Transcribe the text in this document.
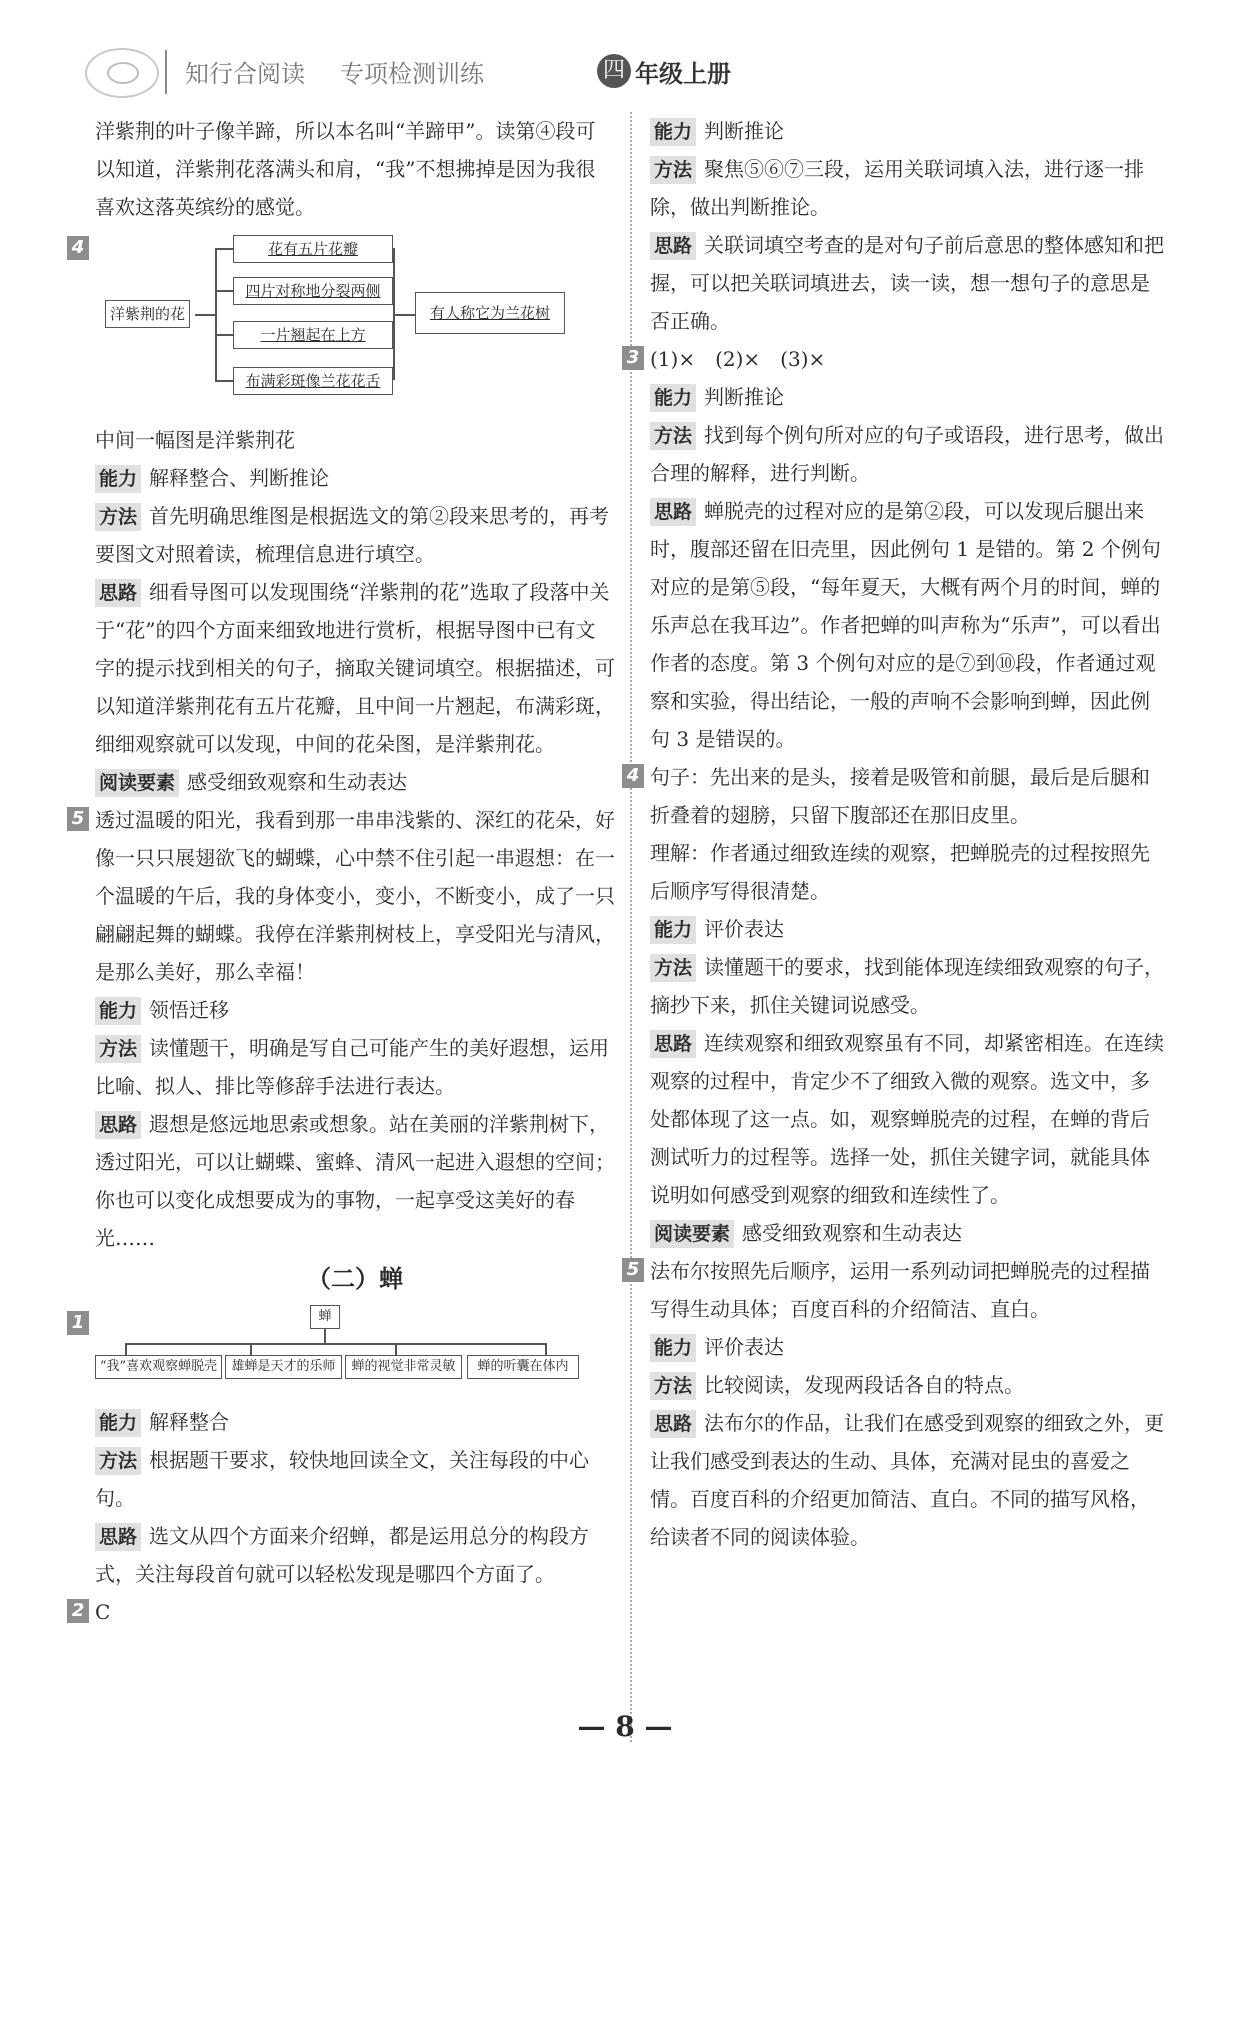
知行合阅读 专项检测训练	四 年级上册

洋紫荆的叶子像羊蹄，所以本名叫“羊蹄甲”。读第④段可以知道，洋紫荆花落满头和肩，“我”不想拂掉是因为我很喜欢这落英缤纷的感觉。

4
洋紫荆的花
花有五片花瓣
四片对称地分裂两侧
一片翘起在上方
布满彩斑像兰花花舌
有人称它为兰花树

中间一幅图是洋紫荆花

能力 解释整合、判断推论

方法 首先明确思维图是根据选文的第②段来思考的，再考要图文对照着读，梳理信息进行填空。

思路 细看导图可以发现围绕“洋紫荆的花”选取了段落中关于“花”的四个方面来细致地进行赏析，根据导图中已有文字的提示找到相关的句子，摘取关键词填空。根据描述，可以知道洋紫荆花有五片花瓣，且中间一片翘起，布满彩斑，细细观察就可以发现，中间的花朵图，是洋紫荆花。

阅读要素 感受细致观察和生动表达

5 透过温暖的阳光，我看到那一串串浅紫的、深红的花朵，好像一只只展翅欲飞的蝴蝶，心中禁不住引起一串遐想：在一个温暖的午后，我的身体变小，变小，不断变小，成了一只翩翩起舞的蝴蝶。我停在洋紫荆树枝上，享受阳光与清风，是那么美好，那么幸福！

能力 领悟迁移

方法 读懂题干，明确是写自己可能产生的美好遐想，运用比喻、拟人、排比等修辞手法进行表达。

思路 遐想是悠远地思索或想象。站在美丽的洋紫荆树下，透过阳光，可以让蝴蝶、蜜蜂、清风一起进入遐想的空间；你也可以变化成想要成为的事物，一起享受这美好的春光……

（二）蝉
1	蝉
“我”喜欢观察蝉脱壳	雄蝉是天才的乐师	蝉的视觉非常灵敏	蝉的听囊在体内

能力 解释整合

方法 根据题干要求，较快地回读全文，关注每段的中心句。

思路 选文从四个方面来介绍蝉，都是运用总分的构段方式，关注每段首句就可以轻松发现是哪四个方面了。

2 C

能力 判断推论

方法 聚焦⑤⑥⑦三段，运用关联词填入法，进行逐一排除，做出判断推论。

思路 关联词填空考查的是对句子前后意思的整体感知和把握，可以把关联词填进去，读一读，想一想句子的意思是否正确。

3 (1)×　(2)×　(3)×

能力 判断推论

方法 找到每个例句所对应的句子或语段，进行思考，做出合理的解释，进行判断。

思路 蝉脱壳的过程对应的是第②段，可以发现后腿出来时，腹部还留在旧壳里，因此例句 1 是错的。第 2 个例句对应的是第⑤段，“每年夏天，大概有两个月的时间，蝉的乐声总在我耳边”。作者把蝉的叫声称为“乐声”，可以看出作者的态度。第 3 个例句对应的是⑦到⑩段，作者通过观察和实验，得出结论，一般的声响不会影响到蝉，因此例句 3 是错误的。

4 句子：先出来的是头，接着是吸管和前腿，最后是后腿和折叠着的翅膀，只留下腹部还在那旧皮里。

理解：作者通过细致连续的观察，把蝉脱壳的过程按照先后顺序写得很清楚。

能力 评价表达

方法 读懂题干的要求，找到能体现连续细致观察的句子，摘抄下来，抓住关键词说感受。

思路 连续观察和细致观察虽有不同，却紧密相连。在连续观察的过程中，肯定少不了细致入微的观察。选文中，多处都体现了这一点。如，观察蝉脱壳的过程，在蝉的背后测试听力的过程等。选择一处，抓住关键字词，就能具体说明如何感受到观察的细致和连续性了。

阅读要素 感受细致观察和生动表达

5 法布尔按照先后顺序，运用一系列动词把蝉脱壳的过程描写得生动具体；百度百科的介绍简洁、直白。

能力 评价表达

方法 比较阅读，发现两段话各自的特点。

思路 法布尔的作品，让我们在感受到观察的细致之外，更让我们感受到表达的生动、具体，充满对昆虫的喜爱之情。百度百科的介绍更加简洁、直白。不同的描写风格，给读者不同的阅读体验。

— 8 —
